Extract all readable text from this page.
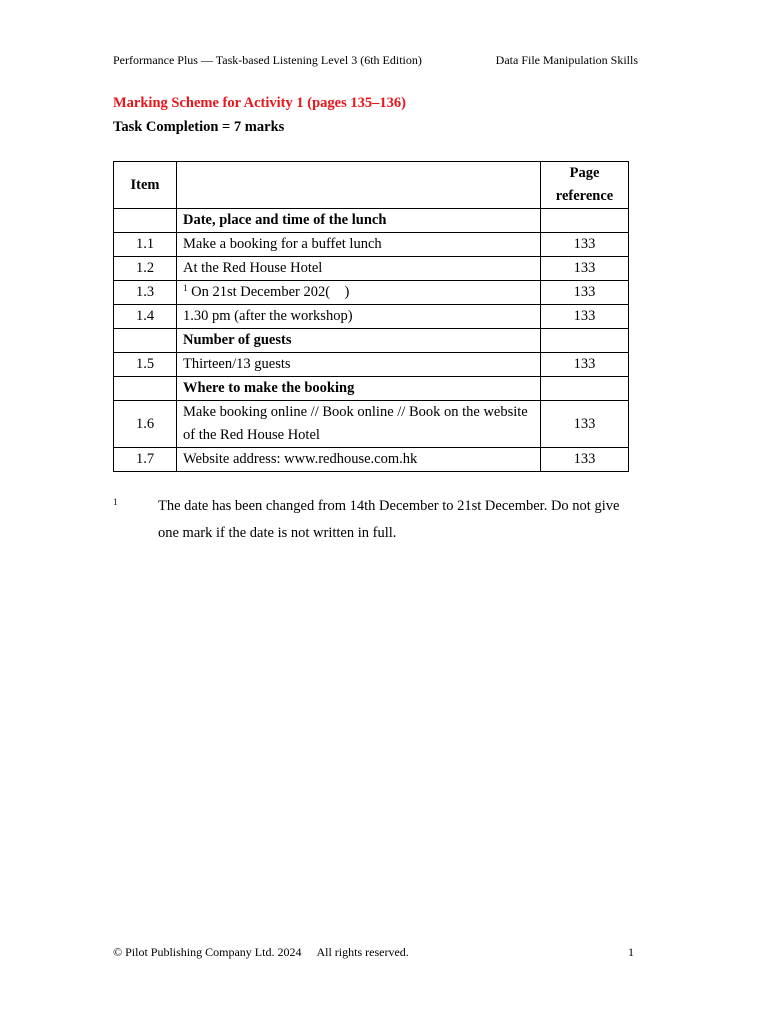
Performance Plus — Task-based Listening Level 3 (6th Edition)	Data File Manipulation Skills
Marking Scheme for Activity 1 (pages 135–136)
Task Completion = 7 marks
Item		Page
reference

	Date, place and time of the lunch	
1.1	Make a booking for a buffet lunch	133
1.2	At the Red House Hotel	133
1.3	$^1$ On 21st December 202(    )	133
1.4	1.30 pm (after the workshop)	133
	Number of guests	
1.5	Thirteen/13 guests	133
	Where to make the booking	
1.6	Make booking online // Book online // Book on the website of the Red House Hotel	133
1.7	Website address: www.redhouse.com.hk	133
1	The date has been changed from 14th December to 21st December. Do not give one mark if the date is not written in full.
© Pilot Publishing Company Ltd. 2024 All rights reserved.	1
